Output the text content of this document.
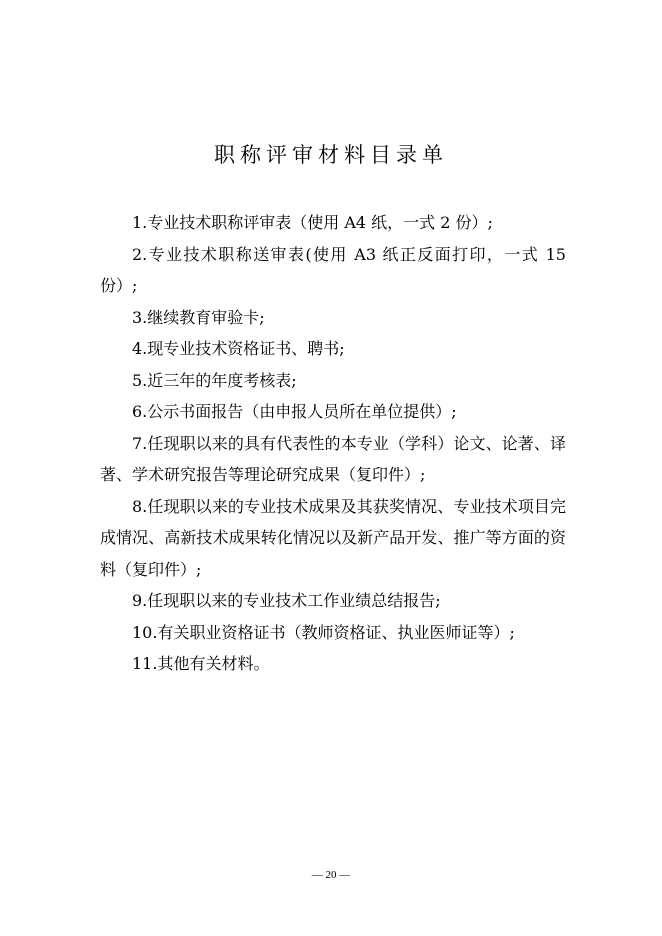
职称评审材料目录单

1.专业技术职称评审表（使用 A4 纸，一式 2 份）;

2.专业技术职称送审表(使用 A3 纸正反面打印，一式 15 份）;

3.继续教育审验卡;

4.现专业技术资格证书、聘书;

5.近三年的年度考核表;

6.公示书面报告（由申报人员所在单位提供）;

7.任现职以来的具有代表性的本专业（学科）论文、论著、译著、学术研究报告等理论研究成果（复印件）;

8.任现职以来的专业技术成果及其获奖情况、专业技术项目完成情况、高新技术成果转化情况以及新产品开发、推广等方面的资料（复印件）;

9.任现职以来的专业技术工作业绩总结报告;

10.有关职业资格证书（教师资格证、执业医师证等）;

11.其他有关材料。

— 20 —
